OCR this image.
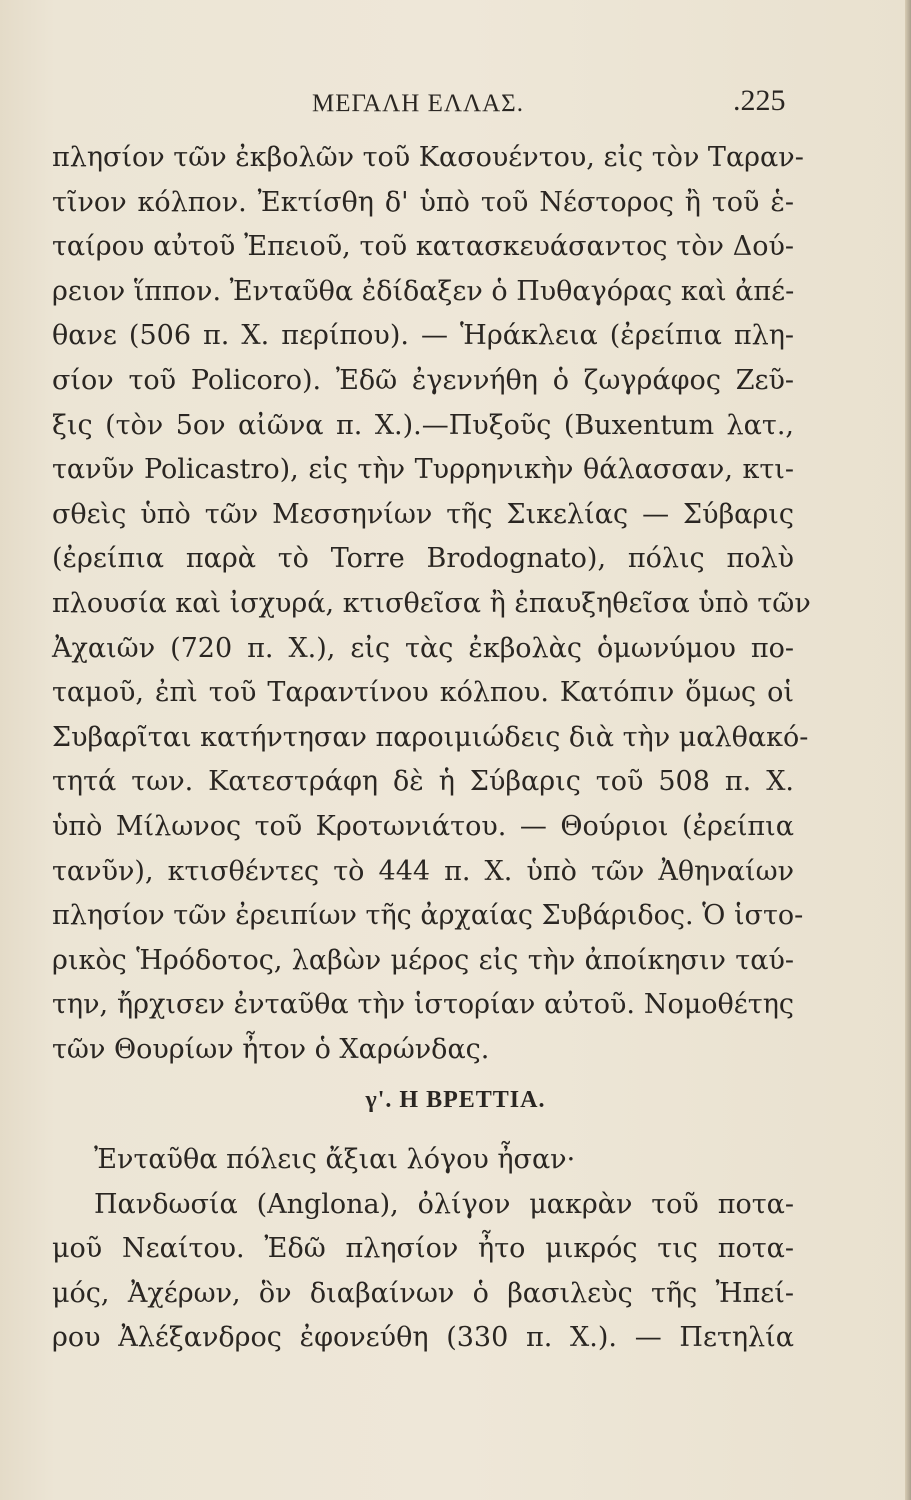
ΜΕΓΑΛΗ ΕΛΛΑΣ.	.225
πλησίον τῶν ἐκβολῶν τοῦ Κασουέντου, εἰς τὸν Ταραν-
τῖνον κόλπον. Ἐκτίσθη δ' ὑπὸ τοῦ Νέστορος ἢ τοῦ ἑ-
ταίρου αὐτοῦ Ἐπειοῦ, τοῦ κατασκευάσαντος τὸν Δού-
ρειον ἵππον. Ἐνταῦθα ἐδίδαξεν ὁ Πυθαγόρας καὶ ἀπέ-
θανε (506 π. Χ. περίπου). — Ἡράκλεια (ἐρείπια πλη-
σίον τοῦ Policoro). Ἐδῶ ἐγεννήθη ὁ ζωγράφος Ζεῦ-
ξις (τὸν 5ον αἰῶνα π. Χ.).—Πυξοῦς (Buxentum λατ.,
τανῦν Policastro), εἰς τὴν Τυρρηνικὴν θάλασσαν, κτι-
σθεὶς ὑπὸ τῶν Μεσσηνίων τῆς Σικελίας — Σύβαρις
(ἐρείπια παρὰ τὸ Torre Brodognato), πόλις πολὺ
πλουσία καὶ ἰσχυρά, κτισθεῖσα ἢ ἐπαυξηθεῖσα ὑπὸ τῶν
Ἀχαιῶν (720 π. Χ.), εἰς τὰς ἐκβολὰς ὁμωνύμου πο-
ταμοῦ, ἐπὶ τοῦ Ταραντίνου κόλπου. Κατόπιν ὅμως οἱ
Συβαρῖται κατήντησαν παροιμιώδεις διὰ τὴν μαλθακό-
τητά των. Κατεστράφη δὲ ἡ Σύβαρις τοῦ 508 π. Χ.
ὑπὸ Μίλωνος τοῦ Κροτωνιάτου. — Θούριοι (ἐρείπια
τανῦν), κτισθέντες τὸ 444 π. Χ. ὑπὸ τῶν Ἀθηναίων
πλησίον τῶν ἐρειπίων τῆς ἀρχαίας Συβάριδος. Ὁ ἱστο-
ρικὸς Ἡρόδοτος, λαβὼν μέρος εἰς τὴν ἀποίκησιν ταύ-
την, ἤρχισεν ἐνταῦθα τὴν ἱστορίαν αὐτοῦ. Νομοθέτης
τῶν Θουρίων ἦτον ὁ Χαρώνδας.
γ'. Η ΒΡΕΤΤΙΑ.
Ἐνταῦθα πόλεις ἄξιαι λόγου ἦσαν·
Πανδωσία (Anglona), ὀλίγον μακρὰν τοῦ ποτα-
μοῦ Νεαίτου. Ἐδῶ πλησίον ἦτο μικρός τις ποτα-
μός, Ἀχέρων, ὃν διαβαίνων ὁ βασιλεὺς τῆς Ἠπεί-
ρου Ἀλέξανδρος ἐφονεύθη (330 π. Χ.). — Πετηλία
